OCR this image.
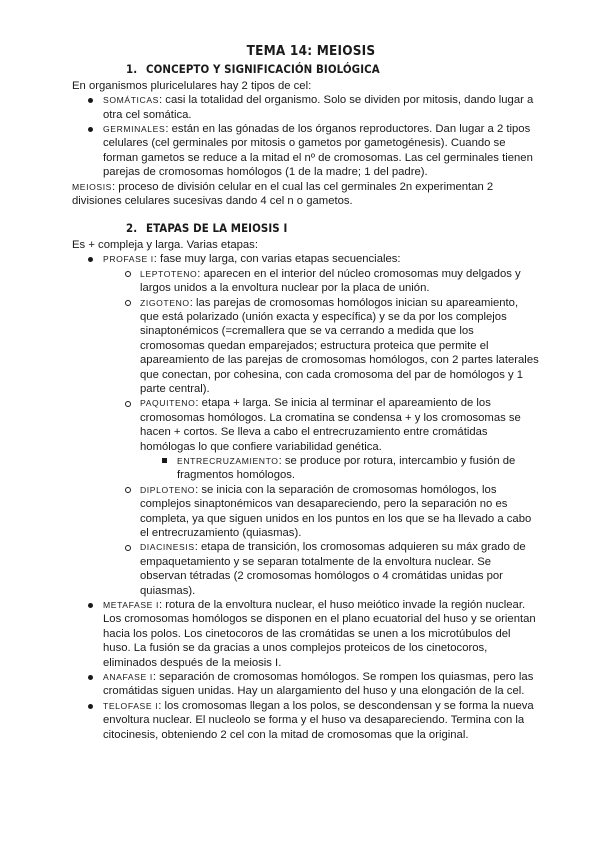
TEMA 14: MEIOSIS
1. CONCEPTO Y SIGNIFICACIÓN BIOLÓGICA

En organismos pluricelulares hay 2 tipos de cel:

SOMÁTICAS: casi la totalidad del organismo. Solo se dividen por mitosis, dando lugar a otra cel somática.
GERMINALES: están en las gónadas de los órganos reproductores. Dan lugar a 2 tipos celulares (cel germinales por mitosis o gametos por gametogénesis). Cuando se forman gametos se reduce a la mitad el nº de cromosomas. Las cel germinales tienen parejas de cromosomas homólogos (1 de la madre; 1 del padre).

MEIOSIS: proceso de división celular en el cual las cel germinales 2n experimentan 2 divisiones celulares sucesivas dando 4 cel n o gametos.

2. ETAPAS DE LA MEIOSIS I

Es + compleja y larga. Varias etapas:

PROFASE I: fase muy larga, con varias etapas secuenciales:
LEPTOTENO: aparecen en el interior del núcleo cromosomas muy delgados y largos unidos a la envoltura nuclear por la placa de unión.
ZIGOTENO: las parejas de cromosomas homólogos inician su apareamiento, que está polarizado (unión exacta y específica) y se da por los complejos sinaptonémicos (=cremallera que se va cerrando a medida que los cromosomas quedan emparejados; estructura proteica que permite el apareamiento de las parejas de cromosomas homólogos, con 2 partes laterales que conectan, por cohesina, con cada cromosoma del par de homólogos y 1 parte central).
PAQUITENO: etapa + larga. Se inicia al terminar el apareamiento de los cromosomas homólogos. La cromatina se condensa + y los cromosomas se hacen + cortos. Se lleva a cabo el entrecruzamiento entre cromátidas homólogas lo que confiere variabilidad genética.
ENTRECRUZAMIENTO: se produce por rotura, intercambio y fusión de fragmentos homólogos.
DIPLOTENO: se inicia con la separación de cromosomas homólogos, los complejos sinaptonémicos van desapareciendo, pero la separación no es completa, ya que siguen unidos en los puntos en los que se ha llevado a cabo el entrecruzamiento (quiasmas).
DIACINESIS: etapa de transición, los cromosomas adquieren su máx grado de empaquetamiento y se separan totalmente de la envoltura nuclear. Se observan tétradas (2 cromosomas homólogos o 4 cromátidas unidas por quiasmas).
METAFASE I: rotura de la envoltura nuclear, el huso meiótico invade la región nuclear. Los cromosomas homólogos se disponen en el plano ecuatorial del huso y se orientan hacia los polos. Los cinetocoros de las cromátidas se unen a los microtúbulos del huso. La fusión se da gracias a unos complejos proteicos de los cinetocoros, eliminados después de la meiosis I.
ANAFASE I: separación de cromosomas homólogos. Se rompen los quiasmas, pero las cromátidas siguen unidas. Hay un alargamiento del huso y una elongación de la cel.
TELOFASE I: los cromosomas llegan a los polos, se descondensan y se forma la nueva envoltura nuclear. El nucleolo se forma y el huso va desapareciendo. Termina con la citocinesis, obteniendo 2 cel con la mitad de cromosomas que la original.
